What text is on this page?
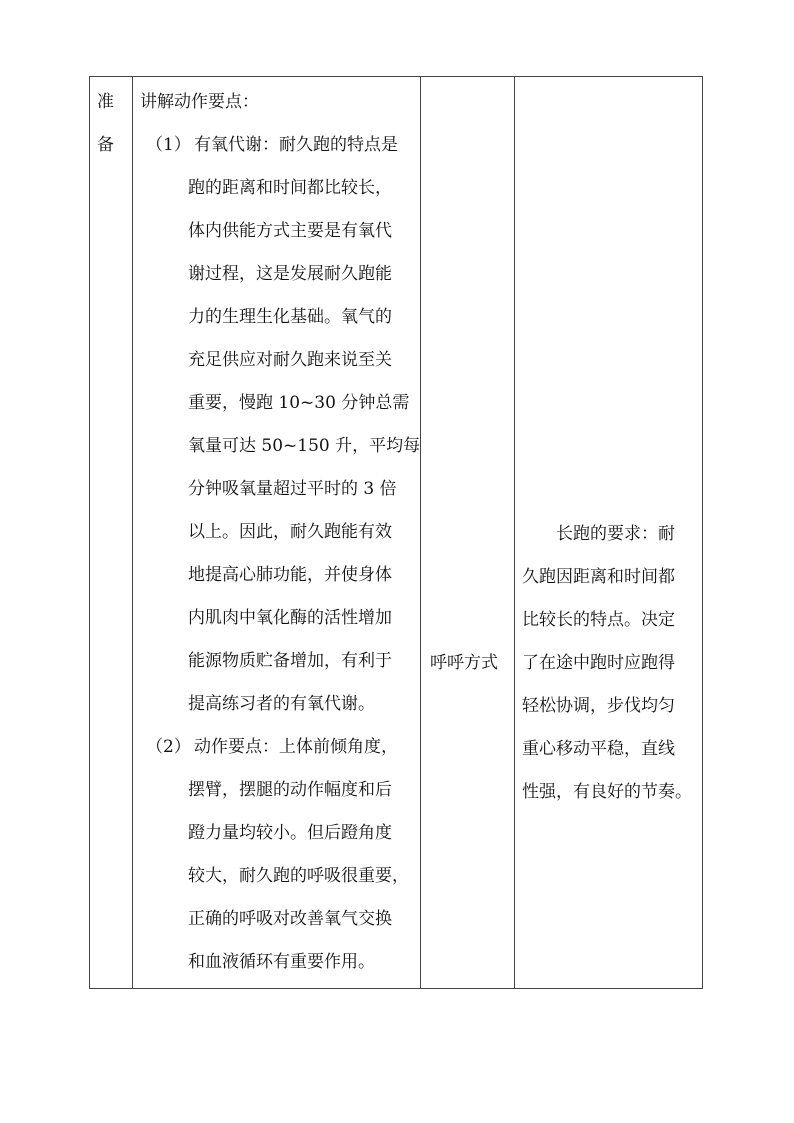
准
备
讲解动作要点：
（1） 有氧代谢：耐久跑的特点是
跑的距离和时间都比较长，
体内供能方式主要是有氧代
谢过程，这是发展耐久跑能
力的生理生化基础。氧气的
充足供应对耐久跑来说至关
重要，慢跑 10~30 分钟总需
氧量可达 50~150 升，平均每
分钟吸氧量超过平时的 3 倍
以上。因此，耐久跑能有效
地提高心肺功能，并使身体
内肌肉中氧化酶的活性增加
能源物质贮备增加，有利于
提高练习者的有氧代谢。
（2） 动作要点：上体前倾角度，
摆臂，摆腿的动作幅度和后
蹬力量均较小。但后蹬角度
较大，耐久跑的呼吸很重要，
正确的呼吸对改善氧气交换
和血液循环有重要作用。
呼呼方式
长跑的要求：耐
久跑因距离和时间都
比较长的特点。决定
了在途中跑时应跑得
轻松协调，步伐均匀
重心移动平稳，直线
性强，有良好的节奏。
